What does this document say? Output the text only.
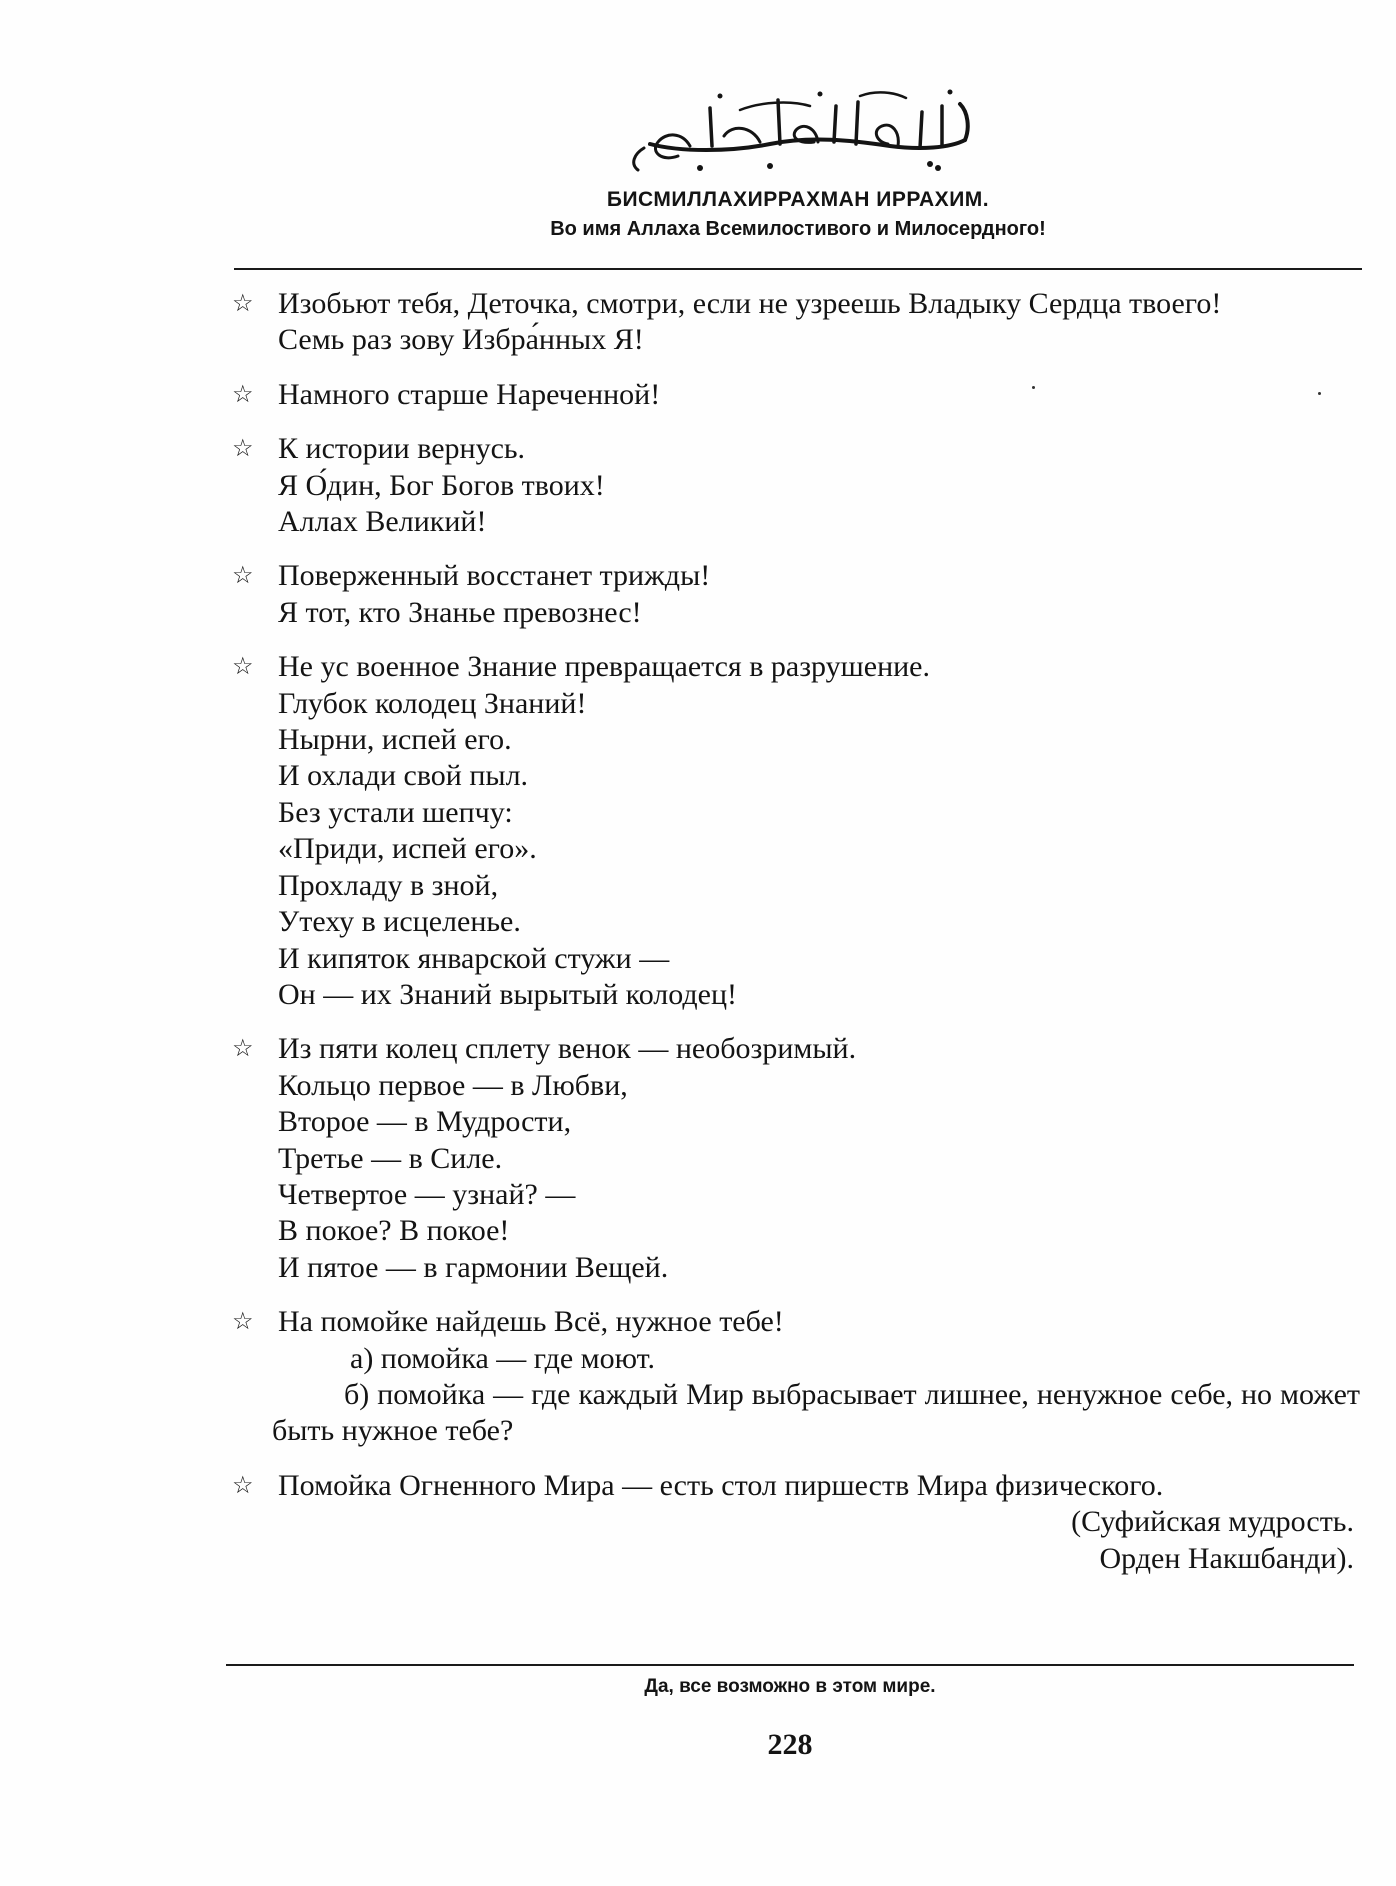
БИСМИЛЛАХИРРАХМАН ИРРАХИМ.
Во имя Аллаха Всемилостивого и Милосердного!
☆ Изобьют тебя, Деточка, смотри, если не узреешь Владыку Сердца твоего!
Семь раз зову Избра́нных Я!
☆ Намного старше Нареченной!
☆ К истории вернусь.
Я О́дин, Бог Богов твоих!
Аллах Великий!
☆ Поверженный восстанет трижды!
Я тот, кто Знанье превознес!
☆ Не ус военное Знание превращается в разрушение.
Глубок колодец Знаний!
Нырни, испей его.
И охлади свой пыл.
Без устали шепчу:
«Приди, испей его».
Прохладу в зной,
Утеху в исцеленье.
И кипяток январской стужи —
Он — их Знаний вырытый колодец!
☆ Из пяти колец сплету венок — необозримый.
Кольцо первое — в Любви,
Второе — в Мудрости,
Третье — в Силе.
Четвертое — узнай? —
В покое? В покое!
И пятое — в гармонии Вещей.
☆ На помойке найдешь Всё, нужное тебе!
а) помойка — где моют.
б) помойка — где каждый Мир выбрасывает лишнее, ненужное себе, но может быть нужное тебе?
☆ Помойка Огненного Мира — есть стол пиршеств Мира физического.
(Суфийская мудрость.
Орден Накшбанди).
Да, все возможно в этом мире.
228
